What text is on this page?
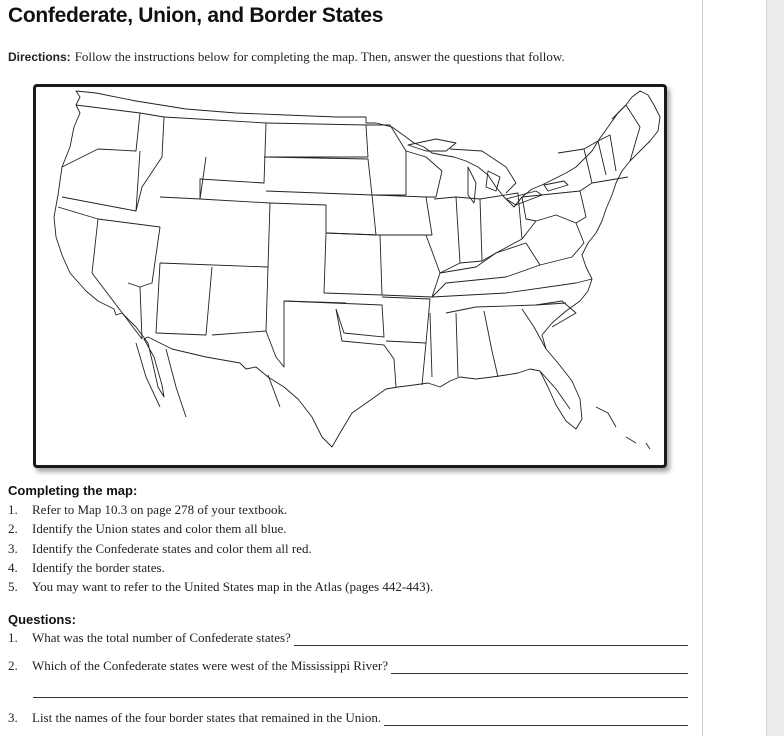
Confederate, Union, and Border States
Directions: Follow the instructions below for completing the map. Then, answer the questions that follow.
Completing the map:
1.	Refer to Map 10.3 on page 278 of your textbook.
2.	Identify the Union states and color them all blue.
3.	Identify the Confederate states and color them all red.
4.	Identify the border states.
5.	You may want to refer to the United States map in the Atlas (pages 442-443).
Questions:
1.	What was the total number of Confederate states?
2.	Which of the Confederate states were west of the Mississippi River?
3.	List the names of the four border states that remained in the Union.
